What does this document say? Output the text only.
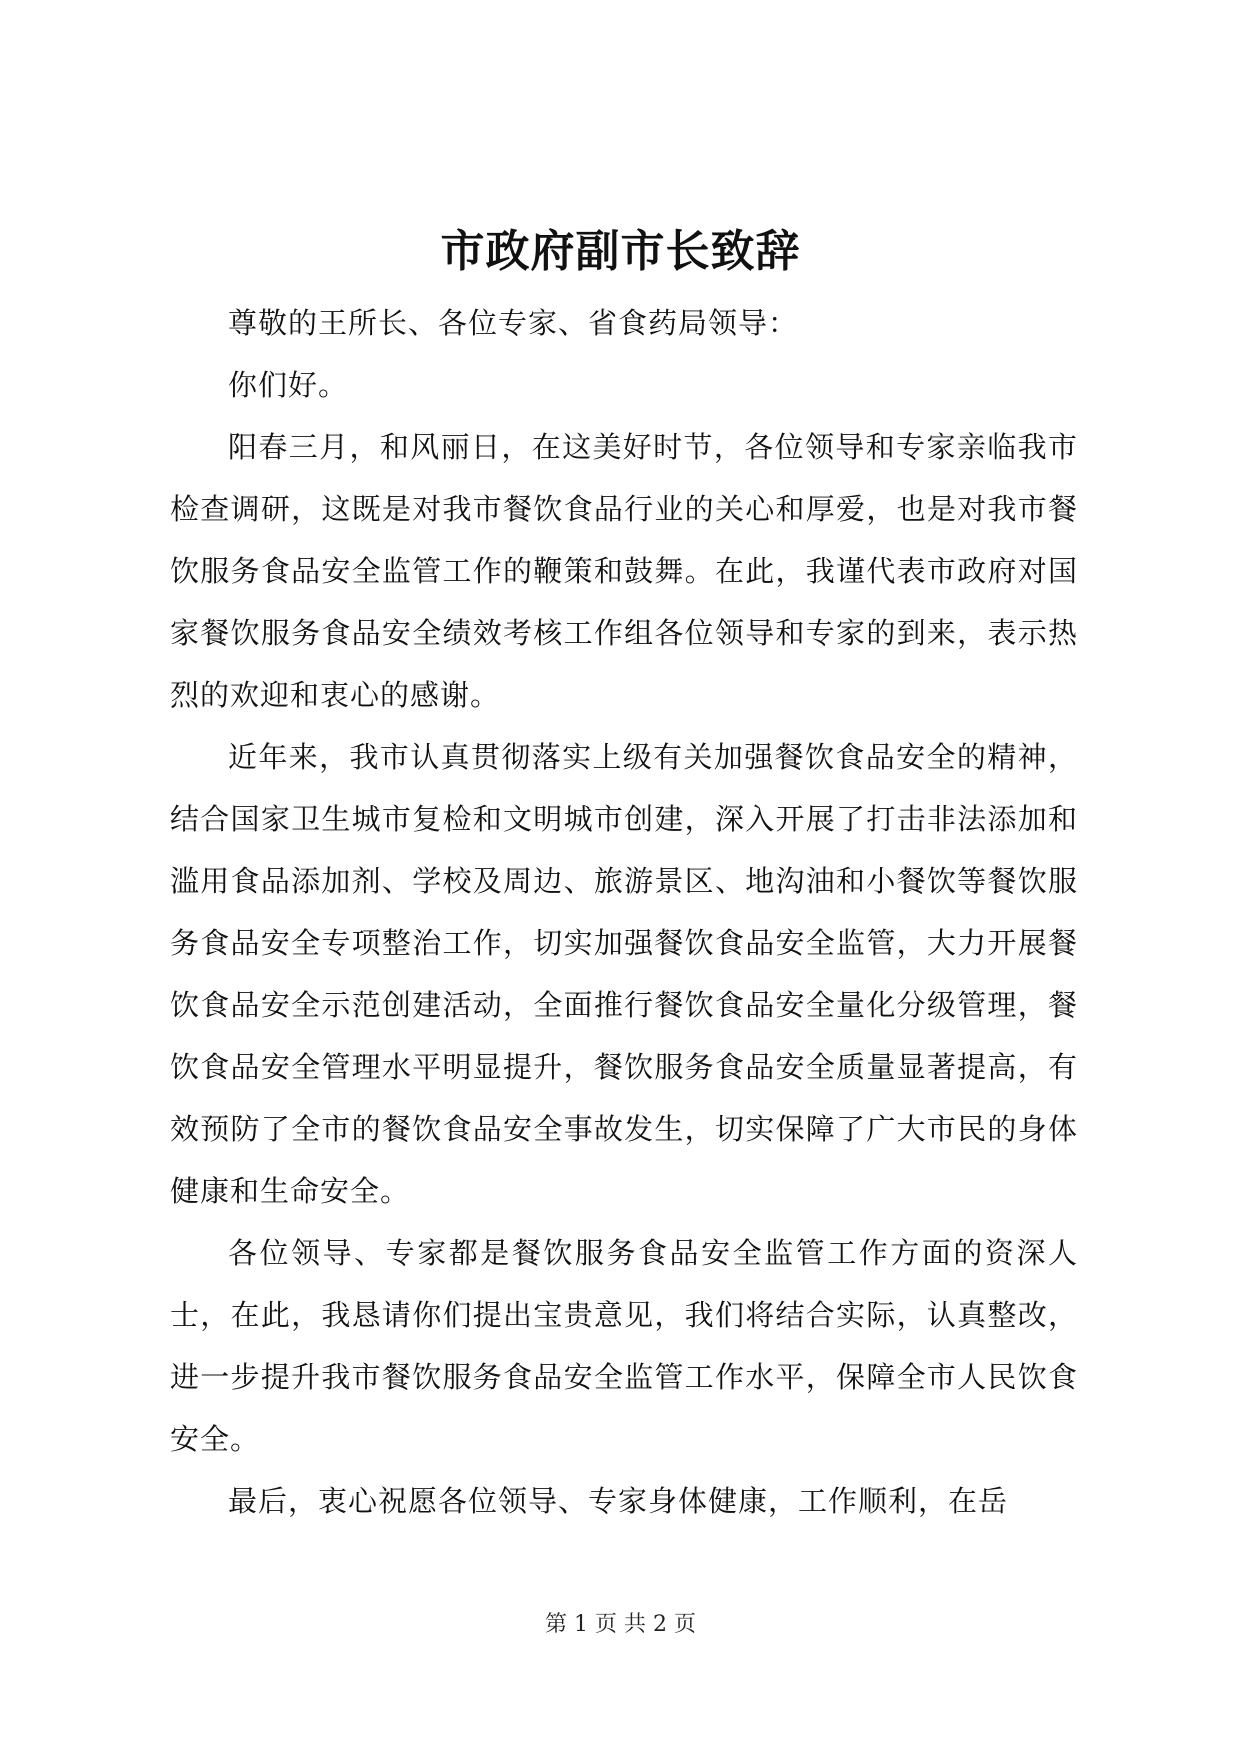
市政府副市长致辞

尊敬的王所长、各位专家、省食药局领导：

你们好。

阳春三月，和风丽日，在这美好时节，各位领导和专家亲临我市检查调研，这既是对我市餐饮食品行业的关心和厚爱，也是对我市餐饮服务食品安全监管工作的鞭策和鼓舞。在此，我谨代表市政府对国家餐饮服务食品安全绩效考核工作组各位领导和专家的到来，表示热烈的欢迎和衷心的感谢。

近年来，我市认真贯彻落实上级有关加强餐饮食品安全的精神，结合国家卫生城市复检和文明城市创建，深入开展了打击非法添加和滥用食品添加剂、学校及周边、旅游景区、地沟油和小餐饮等餐饮服务食品安全专项整治工作，切实加强餐饮食品安全监管，大力开展餐饮食品安全示范创建活动，全面推行餐饮食品安全量化分级管理，餐饮食品安全管理水平明显提升，餐饮服务食品安全质量显著提高，有效预防了全市的餐饮食品安全事故发生，切实保障了广大市民的身体健康和生命安全。

各位领导、专家都是餐饮服务食品安全监管工作方面的资深人士，在此，我恳请你们提出宝贵意见，我们将结合实际，认真整改，进一步提升我市餐饮服务食品安全监管工作水平，保障全市人民饮食安全。

最后，衷心祝愿各位领导、专家身体健康，工作顺利，在岳

第 1 页 共 2 页
